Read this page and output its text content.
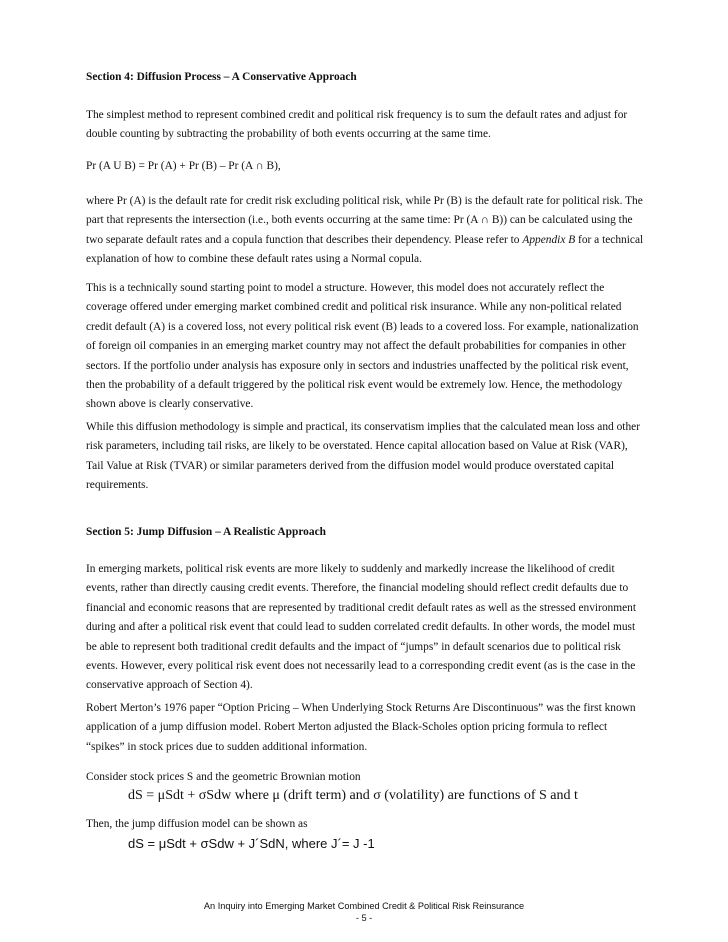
Section 4: Diffusion Process – A Conservative Approach

The simplest method to represent combined credit and political risk frequency is to sum the default rates and adjust for double counting by subtracting the probability of both events occurring at the same time.

Pr (A U B) = Pr (A) + Pr (B) – Pr (A ∩ B),

where Pr (A) is the default rate for credit risk excluding political risk, while Pr (B) is the default rate for political risk. The part that represents the intersection (i.e., both events occurring at the same time: Pr (A ∩ B)) can be calculated using the two separate default rates and a copula function that describes their dependency. Please refer to Appendix B for a technical explanation of how to combine these default rates using a Normal copula.

This is a technically sound starting point to model a structure. However, this model does not accurately reflect the coverage offered under emerging market combined credit and political risk insurance. While any non-political related credit default (A) is a covered loss, not every political risk event (B) leads to a covered loss. For example, nationalization of foreign oil companies in an emerging market country may not affect the default probabilities for companies in other sectors. If the portfolio under analysis has exposure only in sectors and industries unaffected by the political risk event, then the probability of a default triggered by the political risk event would be extremely low. Hence, the methodology shown above is clearly conservative.

While this diffusion methodology is simple and practical, its conservatism implies that the calculated mean loss and other risk parameters, including tail risks, are likely to be overstated. Hence capital allocation based on Value at Risk (VAR), Tail Value at Risk (TVAR) or similar parameters derived from the diffusion model would produce overstated capital requirements.

Section 5: Jump Diffusion – A Realistic Approach

In emerging markets, political risk events are more likely to suddenly and markedly increase the likelihood of credit events, rather than directly causing credit events. Therefore, the financial modeling should reflect credit defaults due to financial and economic reasons that are represented by traditional credit default rates as well as the stressed environment during and after a political risk event that could lead to sudden correlated credit defaults. In other words, the model must be able to represent both traditional credit defaults and the impact of “jumps” in default scenarios due to political risk events. However, every political risk event does not necessarily lead to a corresponding credit event (as is the case in the conservative approach of Section 4).

Robert Merton’s 1976 paper “Option Pricing – When Underlying Stock Returns Are Discontinuous” was the first known application of a jump diffusion model. Robert Merton adjusted the Black-Scholes option pricing formula to reflect “spikes” in stock prices due to sudden additional information.

Consider stock prices S and the geometric Brownian motion

dS = μSdt + σSdw where μ (drift term) and σ (volatility) are functions of S and t

Then, the jump diffusion model can be shown as

dS = μSdt + σSdw + J´SdN, where J´= J -1
An Inquiry into Emerging Market Combined Credit & Political Risk Reinsurance
- 5 -
